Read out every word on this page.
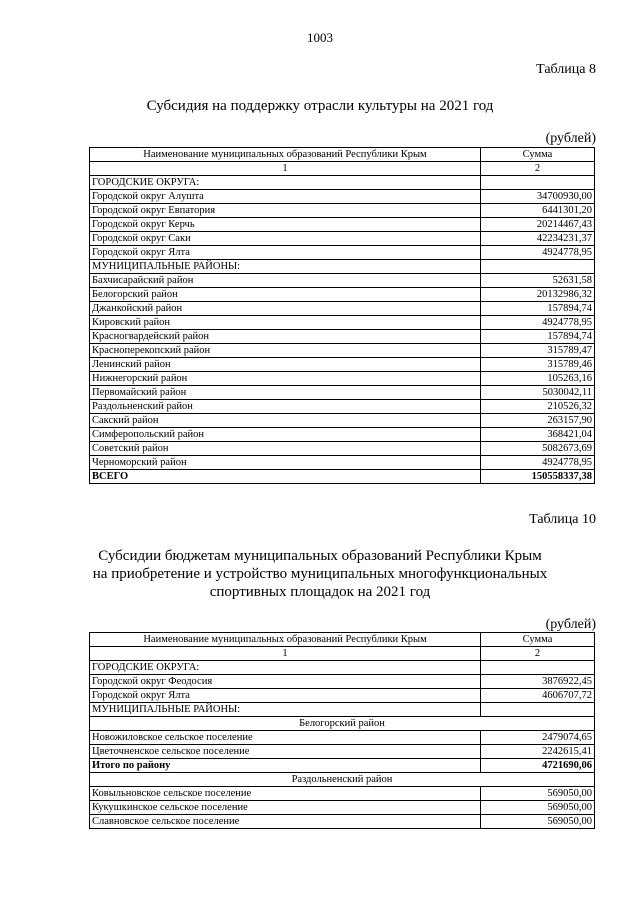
1003
Таблица 8
Субсидия на поддержку отрасли культуры на 2021 год
(рублей)
Наименование муниципальных образований Республики Крым	Сумма
1	2
ГОРОДСКИЕ ОКРУГА:	
Городской округ Алушта	34700930,00
Городской округ Евпатория	6441301,20
Городской округ Керчь	20214467,43
Городской округ Саки	42234231,37
Городской округ Ялта	4924778,95
МУНИЦИПАЛЬНЫЕ РАЙОНЫ:	
Бахчисарайский район	52631,58
Белогорский район	20132986,32
Джанкойский район	157894,74
Кировский район	4924778,95
Красногвардейский район	157894,74
Красноперекопский район	315789,47
Ленинский район	315789,46
Нижнегорский район	105263,16
Первомайский район	5030042,11
Раздольненский район	210526,32
Сакский район	263157,90
Симферопольский район	368421,04
Советский район	5082673,69
Черноморский район	4924778,95
ВСЕГО	150558337,38
Таблица 10
Субсидии бюджетам муниципальных образований Республики Крым
на приобретение и устройство муниципальных многофункциональных
спортивных площадок на 2021 год
(рублей)
Наименование муниципальных образований Республики Крым	Сумма
1	2
ГОРОДСКИЕ ОКРУГА:	
Городской округ Феодосия	3876922,45
Городской округ Ялта	4606707,72
МУНИЦИПАЛЬНЫЕ РАЙОНЫ:	
Белогорский район	
Новожиловское сельское поселение	2479074,65
Цветочненское сельское поселение	2242615,41
Итого по району	4721690,06
Раздольненский район	
Ковыльновское сельское поселение	569050,00
Кукушкинское сельское поселение	569050,00
Славновское сельское поселение	569050,00
